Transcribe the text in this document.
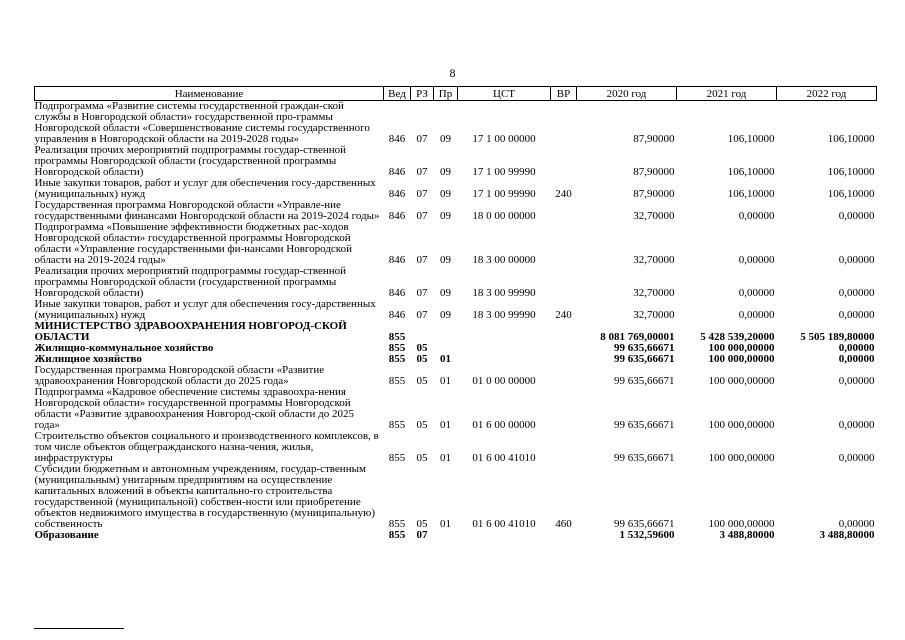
8
Наименование	Вед	РЗ	Пр	ЦСТ	ВР	2020 год	2021 год	2022 год
Подпрограмма «Развитие системы государственной граждан-ской службы в Новгородской области» государственной про-граммы Новгородской области «Совершенствование системы государственного управления в Новгородской области на 2019-2028 годы»	846	07	09	17 1 00 00000		87,90000	106,10000	106,10000
Реализация прочих мероприятий подпрограммы государ-ственной программы Новгородской области (государственной программы Новгородской области)	846	07	09	17 1 00 99990		87,90000	106,10000	106,10000
Иные закупки товаров, работ и услуг для обеспечения госу-дарственных (муниципальных) нужд	846	07	09	17 1 00 99990	240	87,90000	106,10000	106,10000
Государственная программа Новгородской области «Управле-ние государственными финансами Новгородской области на 2019-2024 годы»	846	07	09	18 0 00 00000		32,70000	0,00000	0,00000
Подпрограмма «Повышение эффективности бюджетных рас-ходов Новгородской области» государственной программы Новгородской области «Управление государственными фи-нансами Новгородской области на 2019-2024 годы»	846	07	09	18 3 00 00000		32,70000	0,00000	0,00000
Реализация прочих мероприятий подпрограммы государ-ственной программы Новгородской области (государственной программы Новгородской области)	846	07	09	18 3 00 99990		32,70000	0,00000	0,00000
Иные закупки товаров, работ и услуг для обеспечения госу-дарственных (муниципальных) нужд	846	07	09	18 3 00 99990	240	32,70000	0,00000	0,00000
МИНИСТЕРСТВО ЗДРАВООХРАНЕНИЯ НОВГОРОД-СКОЙ ОБЛАСТИ	855					8 081 769,00001	5 428 539,20000	5 505 189,80000
Жилищно-коммунальное хозяйство	855	05				99 635,66671	100 000,00000	0,00000
Жилищное хозяйство	855	05	01			99 635,66671	100 000,00000	0,00000
Государственная программа Новгородской области «Развитие здравоохранения Новгородской области до 2025 года»	855	05	01	01 0 00 00000		99 635,66671	100 000,00000	0,00000
Подпрограмма «Кадровое обеспечение системы здравоохра-нения Новгородской области» государственной программы Новгородской области «Развитие здравоохранения Новгород-ской области до 2025 года»	855	05	01	01 6 00 00000		99 635,66671	100 000,00000	0,00000
Строительство объектов социального и производственного комплексов, в том числе объектов общегражданского назна-чения, жилья, инфраструктуры	855	05	01	01 6 00 41010		99 635,66671	100 000,00000	0,00000
Субсидии бюджетным и автономным учреждениям, государ-ственным (муниципальным) унитарным предприятиям на осуществление капитальных вложений в объекты капитально-го строительства государственной (муниципальной) собствен-ности или приобретение объектов недвижимого имущества в государственную (муниципальную) собственность	855	05	01	01 6 00 41010	460	99 635,66671	100 000,00000	0,00000
Образование	855	07				1 532,59600	3 488,80000	3 488,80000
